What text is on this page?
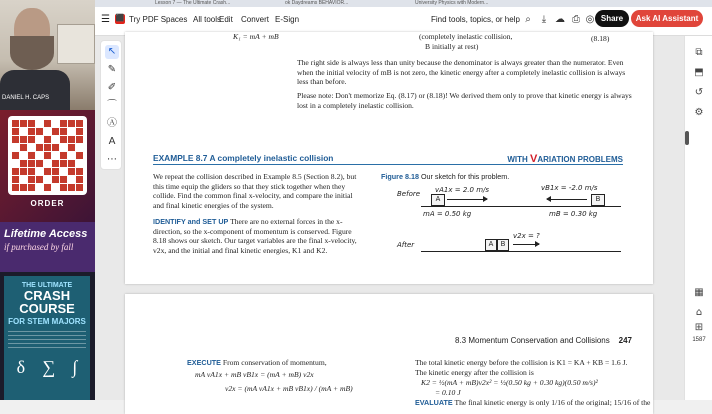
DANIEL H. CAPS
ORDER
Lifetime Access
if purchased by fall
THE ULTIMATE
CRASH COURSE
FOR STEM MAJORS
δ ∑ ∫
Lesson 7 — The Ultimate Crash...	ok Daydreams BEHAVIOR...	University Physics with Modern...
☰ ⬛ Try PDF Spaces All tools
Edit Convert E-Sign	Find tools, topics, or help ⌕	⤓ ☁ ⎙ ◎ Share	Ask AI Assistant
K₁ = mA + mB	(completely inelastic collision,
B initially at rest)
(8.18)

The right side is always less than unity because the denominator is always greater than the numerator. Even when the initial velocity of mB is not zero, the kinetic energy after a completely inelastic collision is always less than before.

Please note: Don't memorize Eq. (8.17) or (8.18)! We derived them only to prove that kinetic energy is always lost in a completely inelastic collision.

EXAMPLE 8.7 A completely inelastic collision	WITH VARIATION PROBLEMS

We repeat the collision described in Example 8.5 (Section 8.2), but this time equip the gliders so that they stick together when they collide. Find the common final x-velocity, and compare the initial and final kinetic energies of the system.

IDENTIFY and SET UP There are no external forces in the x-direction, so the x-component of momentum is conserved. Figure 8.18 shows our sketch. Our target variables are the final x-velocity, v2x, and the initial and final kinetic energies, K1 and K2.

Figure 8.18 Our sketch for this problem.
Before vA1x = 2.0 m/s	vB1x = -2.0 m/s
A	B
mA = 0.50 kg	mB = 0.30 kg
After
v2x = ?
A	B
8.3 Momentum Conservation and Collisions 247

EXECUTE From conservation of momentum,

mA vA1x + mB vB1x = (mA + mB) v2x
v2x = (mA vA1x + mB vB1x) / (mA + mB)

The total kinetic energy before the collision is K1 = KA + KB = 1.6 J. The kinetic energy after the collision is

K2 = ½(mA + mB)v2x² = ½(0.50 kg + 0.30 kg)(0.50 m/s)²
= 0.10 J

EVALUATE The final kinetic energy is only 1/16 of the original; 15/16 of the

↖
✎
✐
⌒
Ⓐ
A
⋯
⧉
⬒
↺
⚙
▦
⌂
⊞
1587
